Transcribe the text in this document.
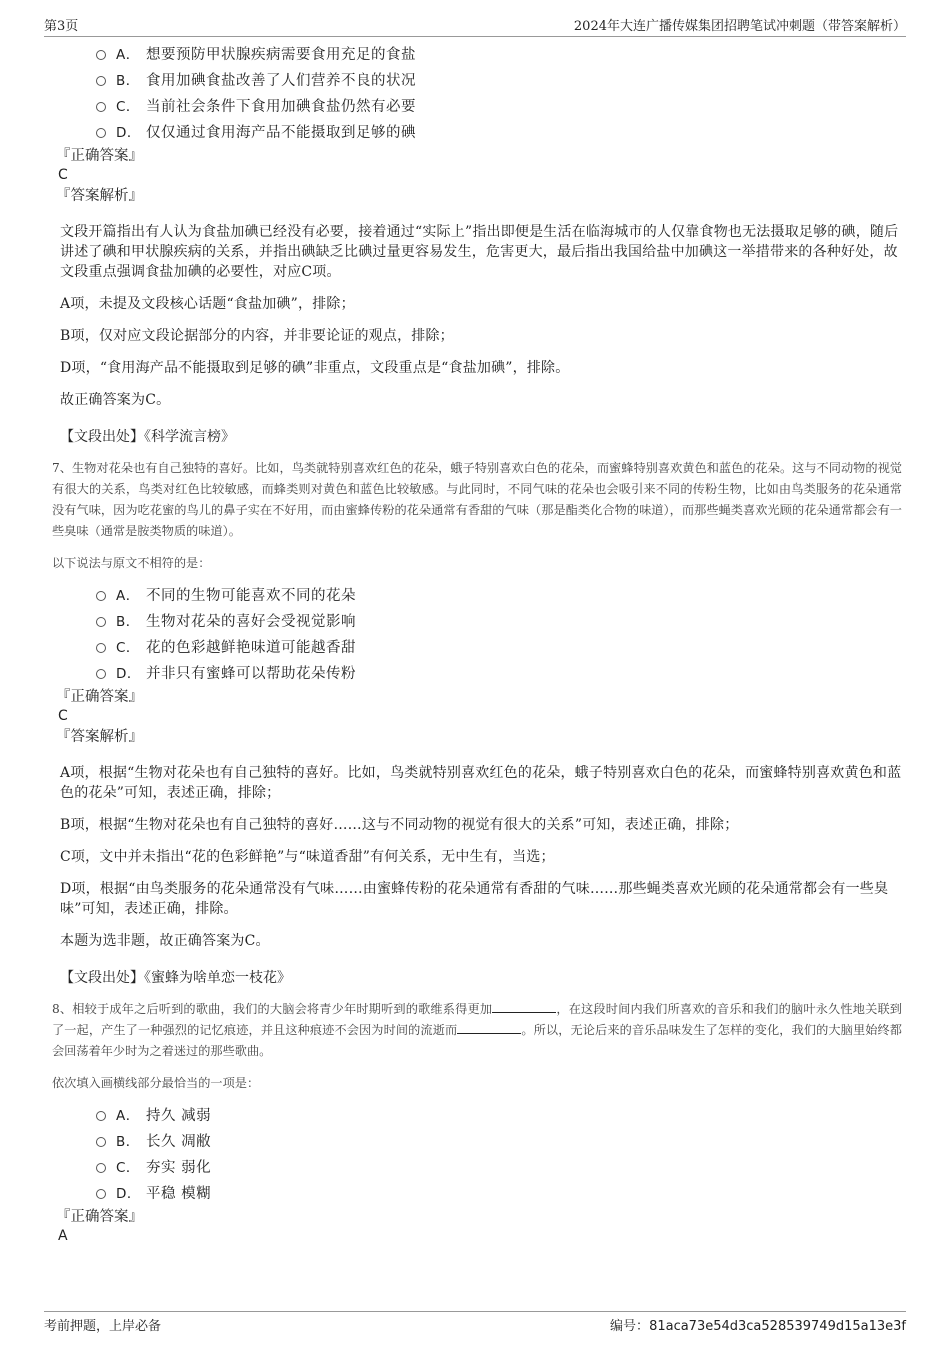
第3页	2024年大连广播传媒集团招聘笔试冲刺题（带答案解析）
A． 想要预防甲状腺疾病需要食用充足的食盐
B． 食用加碘食盐改善了人们营养不良的状况
C． 当前社会条件下食用加碘食盐仍然有必要
D． 仅仅通过食用海产品不能摄取到足够的碘
『正确答案』
C
『答案解析』
文段开篇指出有人认为食盐加碘已经没有必要，接着通过“实际上”指出即便是生活在临海城市的人仅靠食物也无法摄取足够的碘，随后讲述了碘和甲状腺疾病的关系，并指出碘缺乏比碘过量更容易发生，危害更大，最后指出我国给盐中加碘这一举措带来的各种好处，故文段重点强调食盐加碘的必要性，对应C项。
A项，未提及文段核心话题“食盐加碘”，排除；
B项，仅对应文段论据部分的内容，并非要论证的观点，排除；
D项，“食用海产品不能摄取到足够的碘”非重点，文段重点是“食盐加碘”，排除。
故正确答案为C。
【文段出处】《科学流言榜》
7、生物对花朵也有自己独特的喜好。比如，鸟类就特别喜欢红色的花朵，蛾子特别喜欢白色的花朵，而蜜蜂特别喜欢黄色和蓝色的花朵。这与不同动物的视觉有很大的关系，鸟类对红色比较敏感，而蜂类则对黄色和蓝色比较敏感。与此同时，不同气味的花朵也会吸引来不同的传粉生物，比如由鸟类服务的花朵通常没有气味，因为吃花蜜的鸟儿的鼻子实在不好用，而由蜜蜂传粉的花朵通常有香甜的气味（那是酯类化合物的味道），而那些蝇类喜欢光顾的花朵通常都会有一些臭味（通常是胺类物质的味道）。
以下说法与原文不相符的是：
A． 不同的生物可能喜欢不同的花朵
B． 生物对花朵的喜好会受视觉影响
C． 花的色彩越鲜艳味道可能越香甜
D． 并非只有蜜蜂可以帮助花朵传粉
『正确答案』
C
『答案解析』
A项，根据“生物对花朵也有自己独特的喜好。比如，鸟类就特别喜欢红色的花朵，蛾子特别喜欢白色的花朵，而蜜蜂特别喜欢黄色和蓝色的花朵”可知，表述正确，排除；
B项，根据“生物对花朵也有自己独特的喜好……这与不同动物的视觉有很大的关系”可知，表述正确，排除；
C项，文中并未指出“花的色彩鲜艳”与“味道香甜”有何关系，无中生有，当选；
D项，根据“由鸟类服务的花朵通常没有气味……由蜜蜂传粉的花朵通常有香甜的气味……那些蝇类喜欢光顾的花朵通常都会有一些臭味”可知，表述正确，排除。
本题为选非题，故正确答案为C。
【文段出处】《蜜蜂为啥单恋一枝花》
8、相较于成年之后听到的歌曲，我们的大脑会将青少年时期听到的歌维系得更加	，在这段时间内我们所喜欢的音乐和我们的脑叶永久性地关联到了一起，产生了一种强烈的记忆痕迹，并且这种痕迹不会因为时间的流逝而	。所以，无论后来的音乐品味发生了怎样的变化，我们的大脑里始终都会回荡着年少时为之着迷过的那些歌曲。
依次填入画横线部分最恰当的一项是：
A． 持久 减弱
B． 长久 凋敝
C． 夯实 弱化
D． 平稳 模糊
『正确答案』
A
考前押题，上岸必备	编号：81aca73e54d3ca528539749d15a13e3f
